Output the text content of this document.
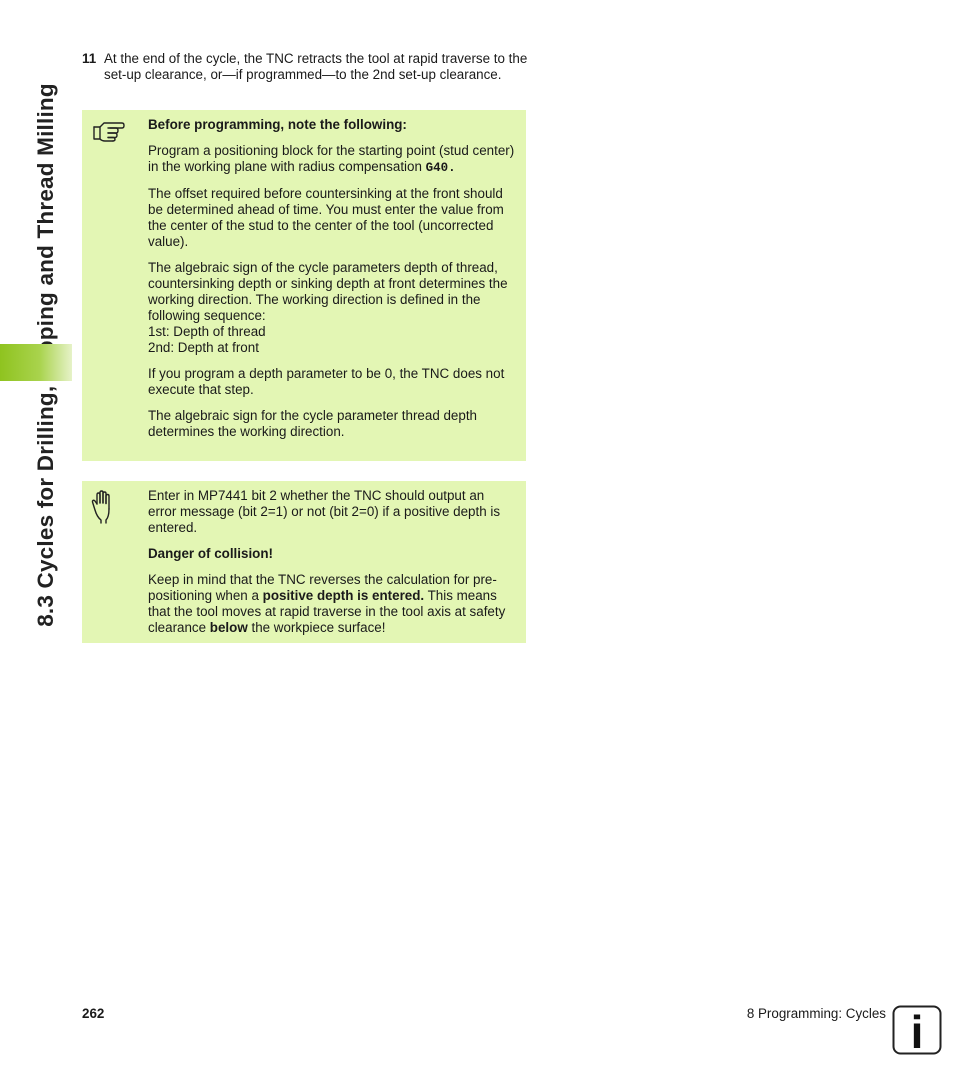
11 At the end of the cycle, the TNC retracts the tool at rapid traverse to the set-up clearance, or—if programmed—to the 2nd set-up clearance.

Before programming, note the following:

Program a positioning block for the starting point (stud center) in the working plane with radius compensation G40.

The offset required before countersinking at the front should be determined ahead of time. You must enter the value from the center of the stud to the center of the tool (uncorrected value).

The algebraic sign of the cycle parameters depth of thread, countersinking depth or sinking depth at front determines the working direction. The working direction is defined in the following sequence:
1st: Depth of thread
2nd: Depth at front

If you program a depth parameter to be 0, the TNC does not execute that step.

The algebraic sign for the cycle parameter thread depth determines the working direction.

Enter in MP7441 bit 2 whether the TNC should output an error message (bit 2=1) or not (bit 2=0) if a positive depth is entered.

Danger of collision!

Keep in mind that the TNC reverses the calculation for pre-positioning when a positive depth is entered. This means that the tool moves at rapid traverse in the tool axis at safety clearance below the workpiece surface!

262	8 Programming: Cycles i
